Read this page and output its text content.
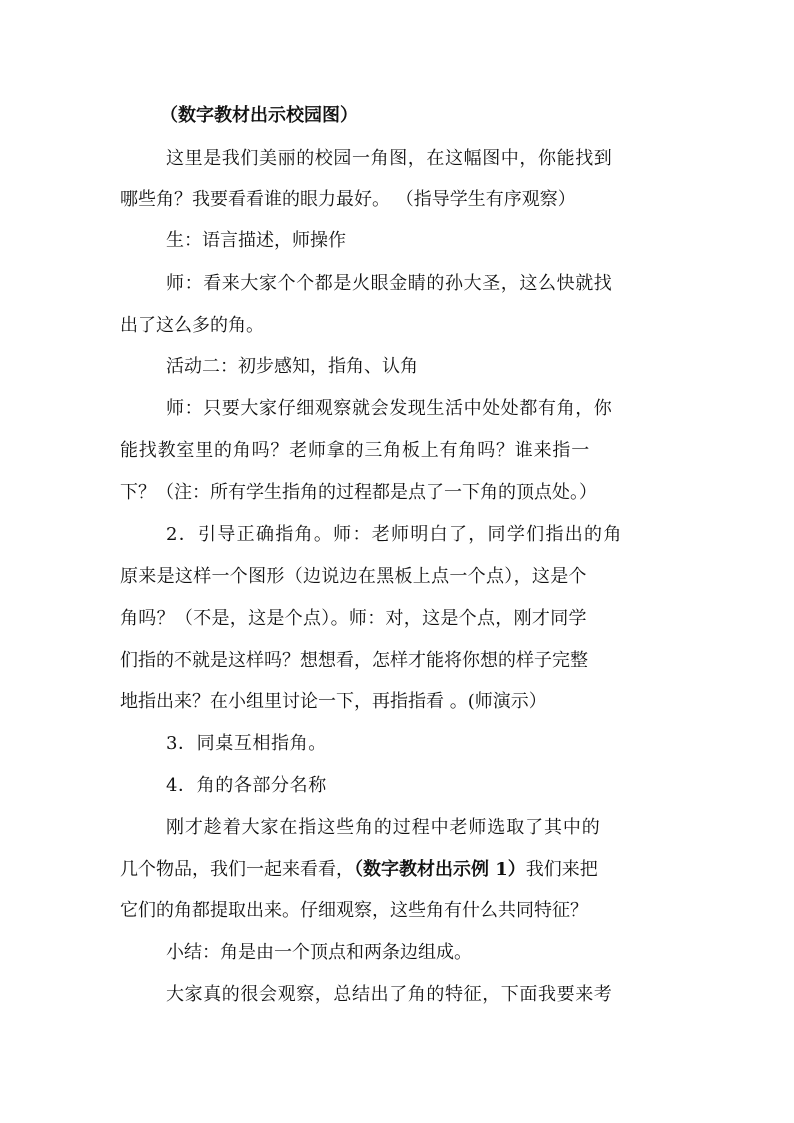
（数字教材出示校园图）
这里是我们美丽的校园一角图，在这幅图中，你能找到
哪些角？我要看看谁的眼力最好。 （指导学生有序观察）
生：语言描述，师操作
师：看来大家个个都是火眼金睛的孙大圣，这么快就找
出了这么多的角。
活动二：初步感知，指角、认角
师：只要大家仔细观察就会发现生活中处处都有角，你
能找教室里的角吗？老师拿的三角板上有角吗？谁来指一
下？（注：所有学生指角的过程都是点了一下角的顶点处。）
2．引导正确指角。师：老师明白了，同学们指出的角
原来是这样一个图形（边说边在黑板上点一个点），这是个
角吗？（不是，这是个点）。师：对，这是个点，刚才同学
们指的不就是这样吗？想想看，怎样才能将你想的样子完整
地指出来？在小组里讨论一下，再指指看 。(师演示）
3．同桌互相指角。
4．角的各部分名称
刚才趁着大家在指这些角的过程中老师选取了其中的
几个物品，我们一起来看看，（数字教材出示例 1）我们来把
它们的角都提取出来。仔细观察，这些角有什么共同特征？
小结：角是由一个顶点和两条边组成。
大家真的很会观察，总结出了角的特征，下面我要来考
